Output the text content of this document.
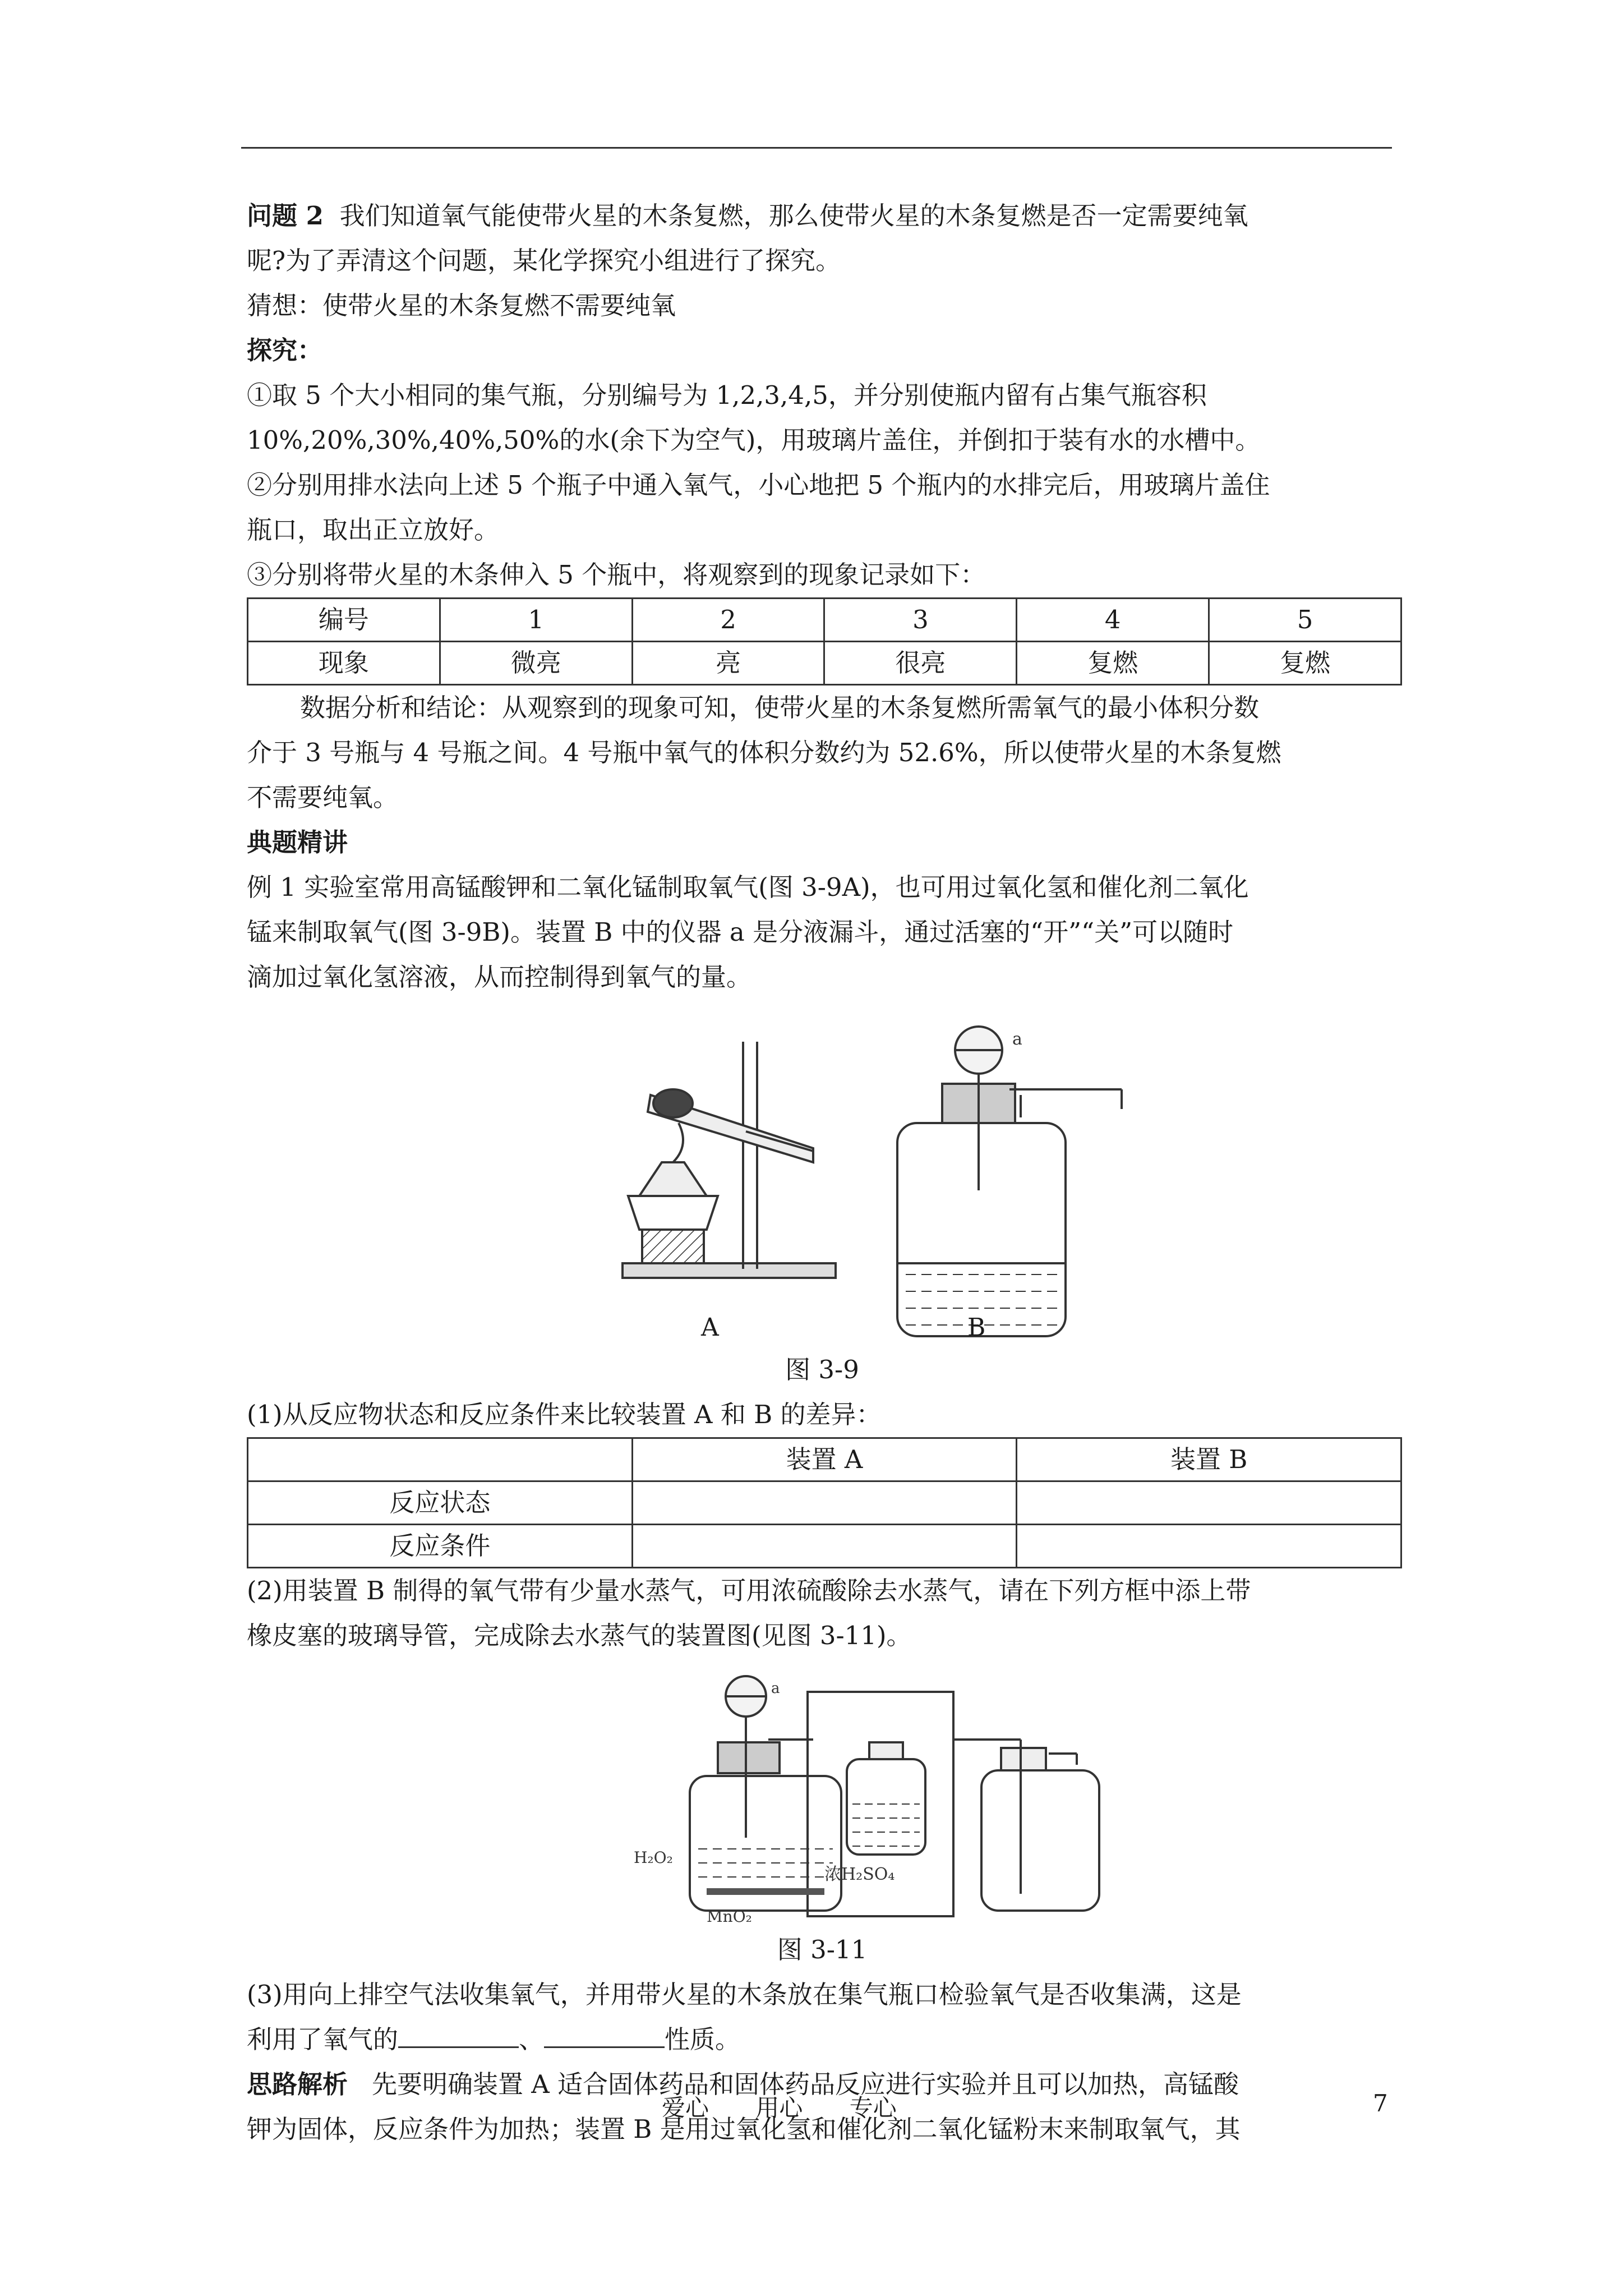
问题 2 我们知道氧气能使带火星的木条复燃，那么使带火星的木条复燃是否一定需要纯氧

呢?为了弄清这个问题，某化学探究小组进行了探究。

猜想：使带火星的木条复燃不需要纯氧

探究：

①取 5 个大小相同的集气瓶，分别编号为 1,2,3,4,5，并分别使瓶内留有占集气瓶容积

10%,20%,30%,40%,50%的水(余下为空气)，用玻璃片盖住，并倒扣于装有水的水槽中。

②分别用排水法向上述 5 个瓶子中通入氧气，小心地把 5 个瓶内的水排完后，用玻璃片盖住

瓶口，取出正立放好。

③分别将带火星的木条伸入 5 个瓶中，将观察到的现象记录如下：

编号	1	2	3	4	5
现象	微亮	亮	很亮	复燃	复燃

数据分析和结论：从观察到的现象可知，使带火星的木条复燃所需氧气的最小体积分数

介于 3 号瓶与 4 号瓶之间。4 号瓶中氧气的体积分数约为 52.6%，所以使带火星的木条复燃

不需要纯氧。

典题精讲

例 1 实验室常用高锰酸钾和二氧化锰制取氧气(图 3-9A)，也可用过氧化氢和催化剂二氧化

锰来制取氧气(图 3-9B)。装置 B 中的仪器 a 是分液漏斗，通过活塞的“开”“关”可以随时

滴加过氧化氢溶液，从而控制得到氧气的量。

a
A	B

图 3-9

(1)从反应物状态和反应条件来比较装置 A 和 B 的差异：

	装置 A	装置 B
反应状态		
反应条件		

(2)用装置 B 制得的氧气带有少量水蒸气，可用浓硫酸除去水蒸气，请在下列方框中添上带

橡皮塞的玻璃导管，完成除去水蒸气的装置图(见图 3-11)。

a
H₂O₂
MnO₂
浓H₂SO₄

图 3-11

(3)用向上排空气法收集氧气，并用带火星的木条放在集气瓶口检验氧气是否收集满，这是

利用了氧气的	、	性质。

思路解析 先要明确装置 A 适合固体药品和固体药品反应进行实验并且可以加热，高锰酸

钾为固体，反应条件为加热；装置 B 是用过氧化氢和催化剂二氧化锰粉末来制取氧气，其

爱心 用心 专心	7
